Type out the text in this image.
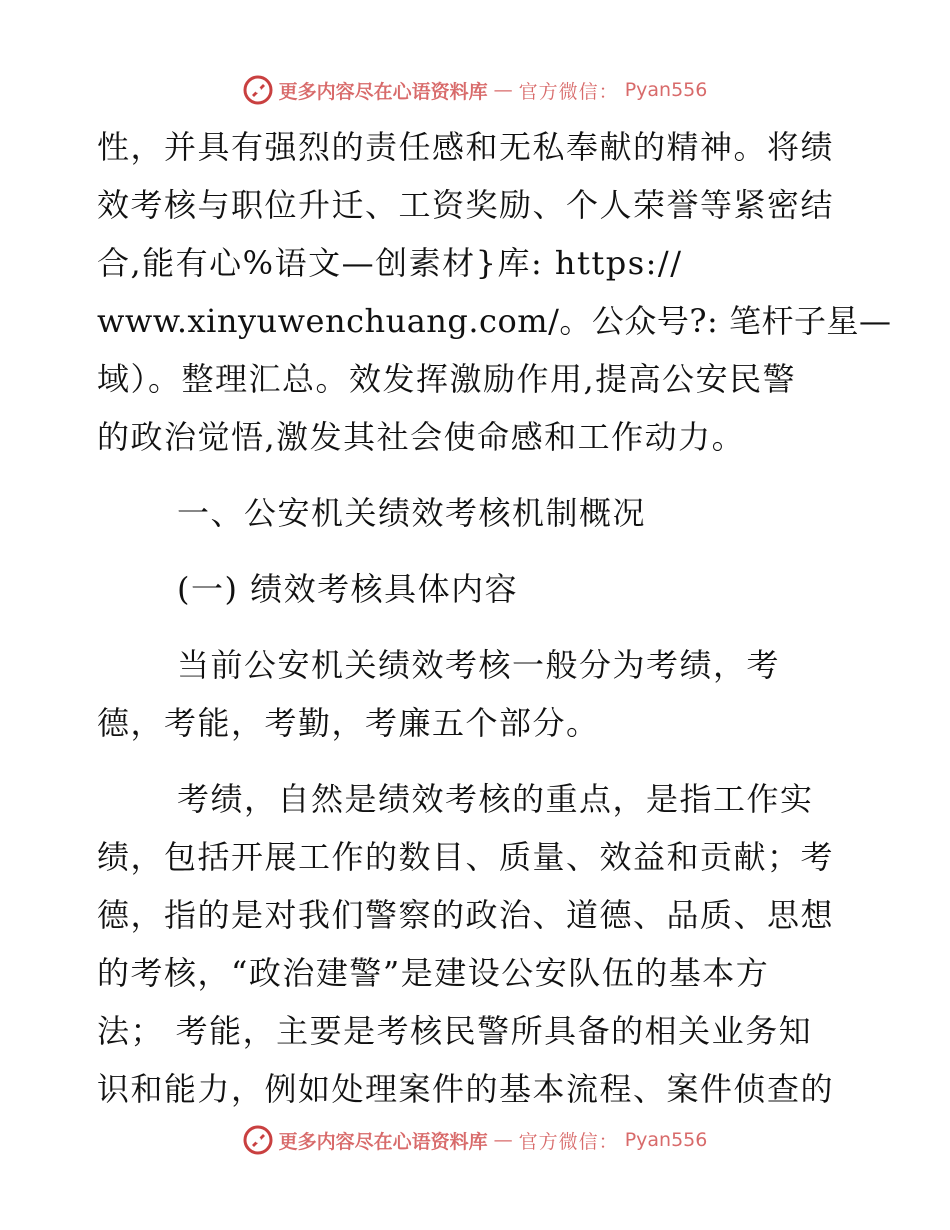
更多内容尽在心语资料库 — 官方微信： Pyan556
性，并具有强烈的责任感和无私奉献的精神。将绩
效考核与职位升迁、工资奖励、个人荣誉等紧密结
合,能有心%语文—创素材}库: https://
www.xinyuwenchuang.com/。公众号?: 笔杆子星—
域）。整理汇总。效发挥激励作用,提高公安民警
的政治觉悟,激发其社会使命感和工作动力。
一、公安机关绩效考核机制概况
(一) 绩效考核具体内容
当前公安机关绩效考核一般分为考绩，考
德，考能，考勤，考廉五个部分。
考绩，自然是绩效考核的重点，是指工作实
绩，包括开展工作的数目、质量、效益和贡献；考
德，指的是对我们警察的政治、道德、品质、思想
的考核，“政治建警”是建设公安队伍的基本方
法； 考能，主要是考核民警所具备的相关业务知
识和能力，例如处理案件的基本流程、案件侦查的
更多内容尽在心语资料库 — 官方微信： Pyan556
